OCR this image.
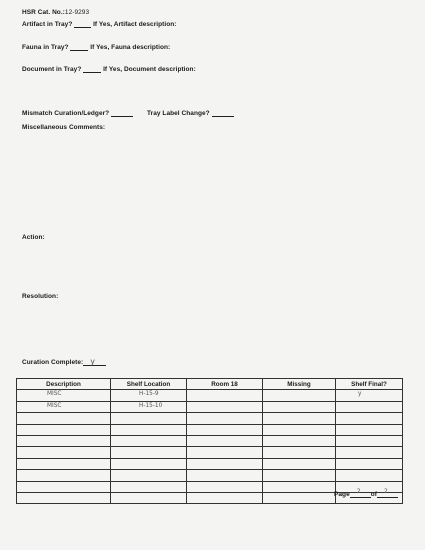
HSR Cat. No.:12-9293
Artifact in Tray?	If Yes, Artifact description:
Fauna in Tray?	If Yes, Fauna description:
Document in Tray?	If Yes, Document description:
Mismatch Curation/Ledger?	Tray Label Change?
Miscellaneous Comments:
Action:
Resolution:
Curation Complete: y
Description	Shelf Location	Room 18	Missing	Shelf Final?

MISC	H-15-9			y

MISC	H-15-10			

Page 2 of 2
